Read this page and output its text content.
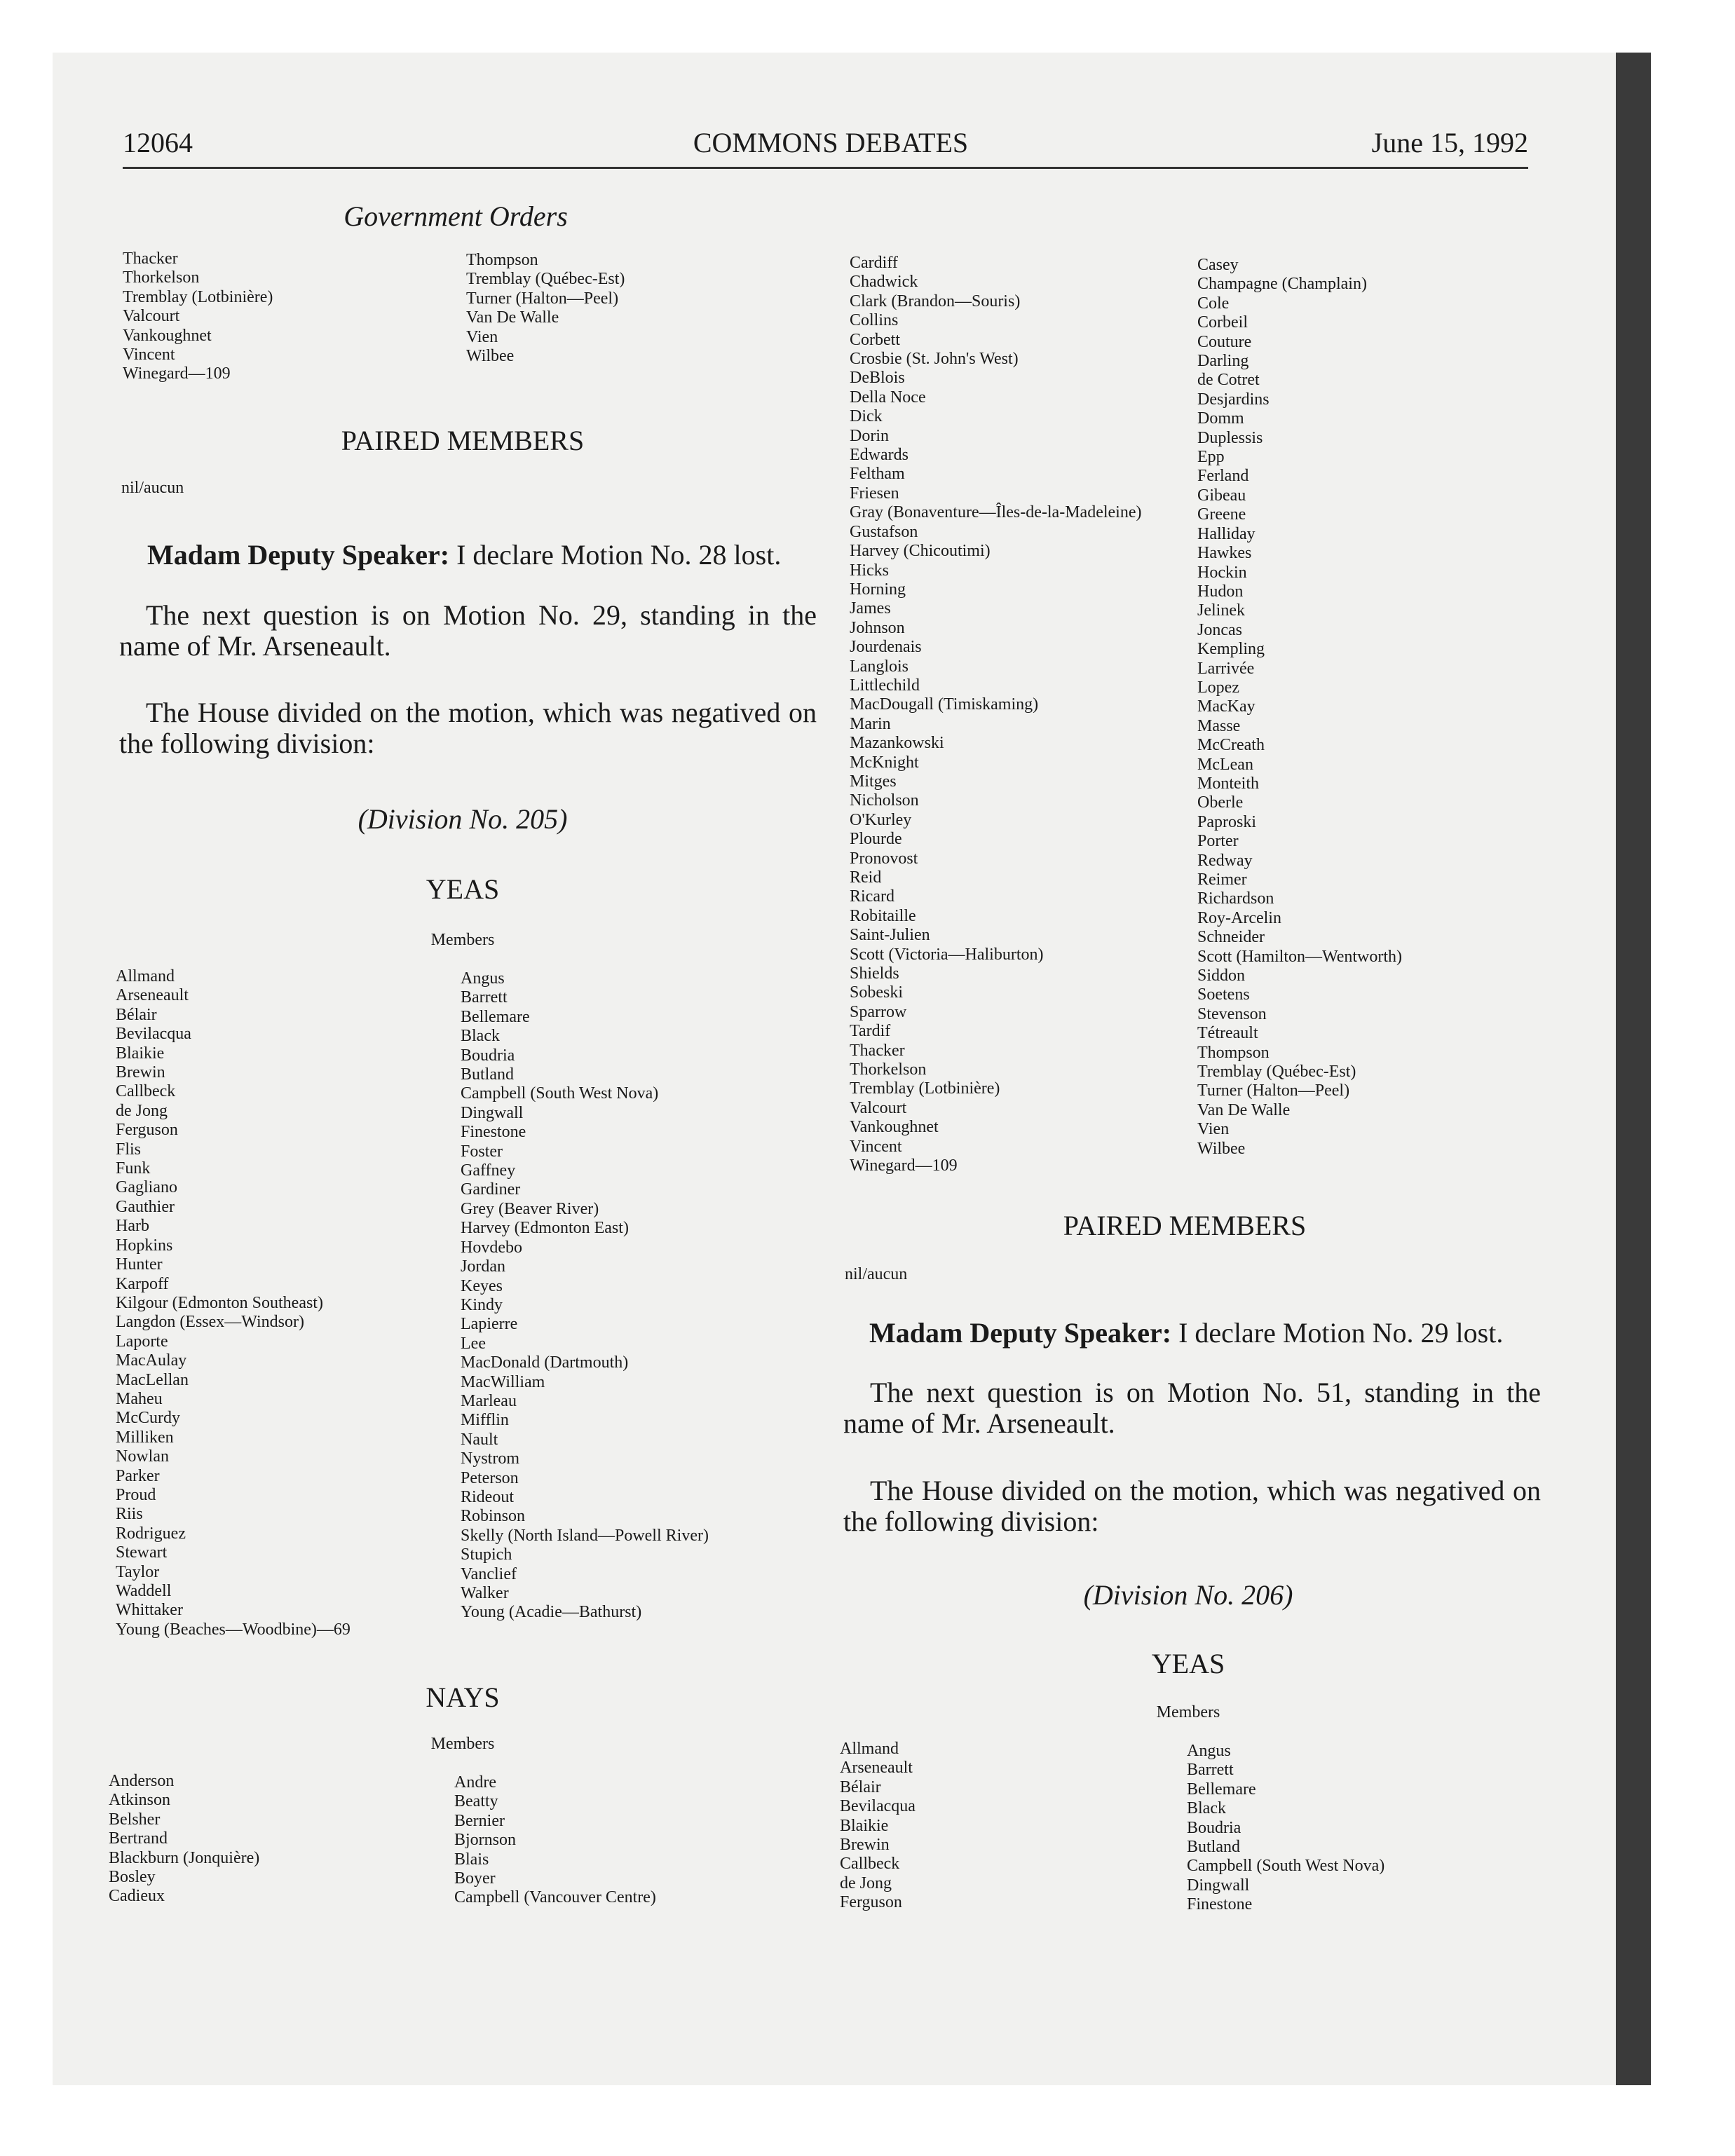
12064	COMMONS DEBATES	June 15, 1992
Government Orders
Thacker
Thorkelson
Tremblay (Lotbinière)
Valcourt
Vankoughnet
Vincent
Winegard—109
Thompson
Tremblay (Québec-Est)
Turner (Halton—Peel)
Van De Walle
Vien
Wilbee
PAIRED MEMBERS
nil/aucun

Madam Deputy Speaker: I declare Motion No. 28 lost.

The next question is on Motion No. 29, standing in the name of Mr. Arseneault.

The House divided on the motion, which was negatived on the following division:

(Division No. 205)
YEAS
Members
Allmand
Arseneault
Bélair
Bevilacqua
Blaikie
Brewin
Callbeck
de Jong
Ferguson
Flis
Funk
Gagliano
Gauthier
Harb
Hopkins
Hunter
Karpoff
Kilgour (Edmonton Southeast)
Langdon (Essex—Windsor)
Laporte
MacAulay
MacLellan
Maheu
McCurdy
Milliken
Nowlan
Parker
Proud
Riis
Rodriguez
Stewart
Taylor
Waddell
Whittaker
Young (Beaches—Woodbine)—69
Angus
Barrett
Bellemare
Black
Boudria
Butland
Campbell (South West Nova)
Dingwall
Finestone
Foster
Gaffney
Gardiner
Grey (Beaver River)
Harvey (Edmonton East)
Hovdebo
Jordan
Keyes
Kindy
Lapierre
Lee
MacDonald (Dartmouth)
MacWilliam
Marleau
Mifflin
Nault
Nystrom
Peterson
Rideout
Robinson
Skelly (North Island—Powell River)
Stupich
Vanclief
Walker
Young (Acadie—Bathurst)
NAYS
Members
Anderson
Atkinson
Belsher
Bertrand
Blackburn (Jonquière)
Bosley
Cadieux
Andre
Beatty
Bernier
Bjornson
Blais
Boyer
Campbell (Vancouver Centre)
Cardiff
Chadwick
Clark (Brandon—Souris)
Collins
Corbett
Crosbie (St. John's West)
DeBlois
Della Noce
Dick
Dorin
Edwards
Feltham
Friesen
Gray (Bonaventure—Îles-de-la-Madeleine)
Gustafson
Harvey (Chicoutimi)
Hicks
Horning
James
Johnson
Jourdenais
Langlois
Littlechild
MacDougall (Timiskaming)
Marin
Mazankowski
McKnight
Mitges
Nicholson
O'Kurley
Plourde
Pronovost
Reid
Ricard
Robitaille
Saint-Julien
Scott (Victoria—Haliburton)
Shields
Sobeski
Sparrow
Tardif
Thacker
Thorkelson
Tremblay (Lotbinière)
Valcourt
Vankoughnet
Vincent
Winegard—109
Casey
Champagne (Champlain)
Cole
Corbeil
Couture
Darling
de Cotret
Desjardins
Domm
Duplessis
Epp
Ferland
Gibeau
Greene
Halliday
Hawkes
Hockin
Hudon
Jelinek
Joncas
Kempling
Larrivée
Lopez
MacKay
Masse
McCreath
McLean
Monteith
Oberle
Paproski
Porter
Redway
Reimer
Richardson
Roy-Arcelin
Schneider
Scott (Hamilton—Wentworth)
Siddon
Soetens
Stevenson
Tétreault
Thompson
Tremblay (Québec-Est)
Turner (Halton—Peel)
Van De Walle
Vien
Wilbee
PAIRED MEMBERS
nil/aucun

Madam Deputy Speaker: I declare Motion No. 29 lost.

The next question is on Motion No. 51, standing in the name of Mr. Arseneault.

The House divided on the motion, which was negatived on the following division:

(Division No. 206)
YEAS
Members
Allmand
Arseneault
Bélair
Bevilacqua
Blaikie
Brewin
Callbeck
de Jong
Ferguson
Angus
Barrett
Bellemare
Black
Boudria
Butland
Campbell (South West Nova)
Dingwall
Finestone
